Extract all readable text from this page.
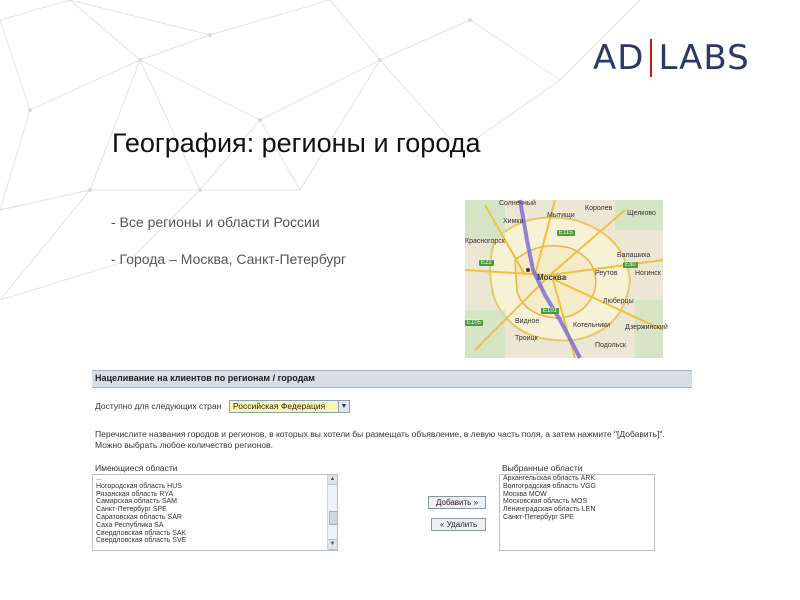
AD LABS
География: регионы и города
- Все регионы и области России
- Города – Москва, Санкт-Петербург
Солнечный
Химки
Мытищи
Королев
Щелково
Красногорск
Балашиха
Москва	Реутов	Ногинск
Люберцы
Видное
Котельники Дзержинский
Троицк
Подольск
E115
E22	E30
E101
E105
Нацеливание на клиентов по регионам / городам
Доступно для следующих стран Российская Федерация	▼
Перечислите названия городов и регионов, в которых вы хотели бы размещать объявление, в левую часть поля, а затем нажмите "[Добавить]". Можно выбрать любое количество регионов.
Имеющиеся области	Выбранные области
...
Ногородская область HUS
Рязанская область RYA
Самарская область SAM
Санкт-Петербург SPE
Саратовская область SAR
Саха Республика SA
Свердловская область SAK
Свердловская область SVE
▲
▼
Добавить »
« Удалить
Архангельская область ARK
Волгоградская область VGG
Москва MOW
Московская область MOS
Ленинградская область LEN
Санкт-Петербург SPE
